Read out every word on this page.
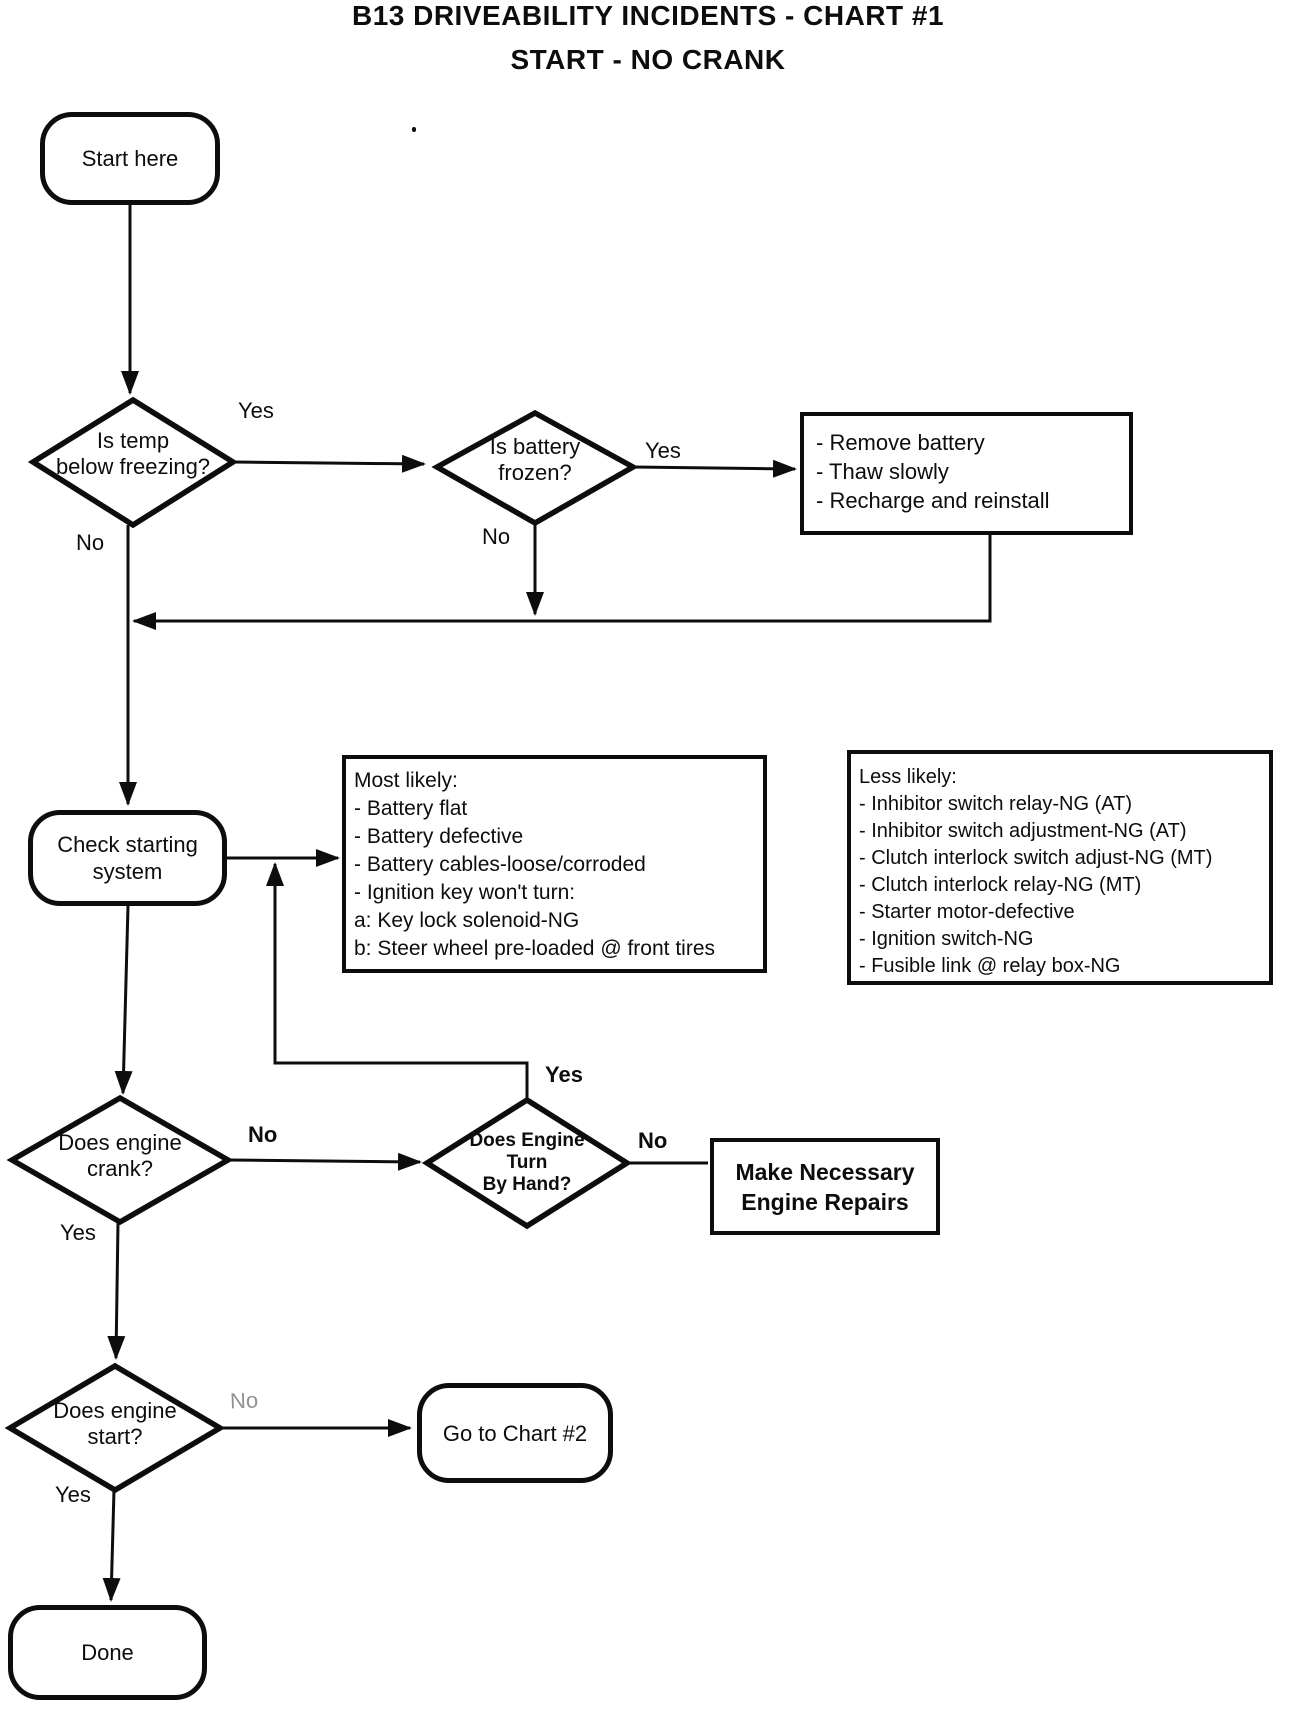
B13 DRIVEABILITY INCIDENTS - CHART #1
START - NO CRANK
Start here
Check starting
system
Go to Chart #2
Done
- Remove battery
- Thaw slowly
- Recharge and reinstall
Most likely:
- Battery flat
- Battery defective
- Battery cables-loose/corroded
- Ignition key won't turn:
a: Key lock solenoid-NG
b: Steer wheel pre-loaded @ front tires
Less likely:
- Inhibitor switch relay-NG (AT)
- Inhibitor switch adjustment-NG (AT)
- Clutch interlock switch adjust-NG (MT)
- Clutch interlock relay-NG (MT)
- Starter motor-defective
- Ignition switch-NG
- Fusible link @ relay box-NG
Make Necessary
Engine Repairs
Is temp
below freezing?
Is battery
frozen?
Does engine
crank?
Does Engine
Turn
By Hand?
Does engine
start?
Yes
No
Yes
No
No
Yes
Yes
No
No
Yes
